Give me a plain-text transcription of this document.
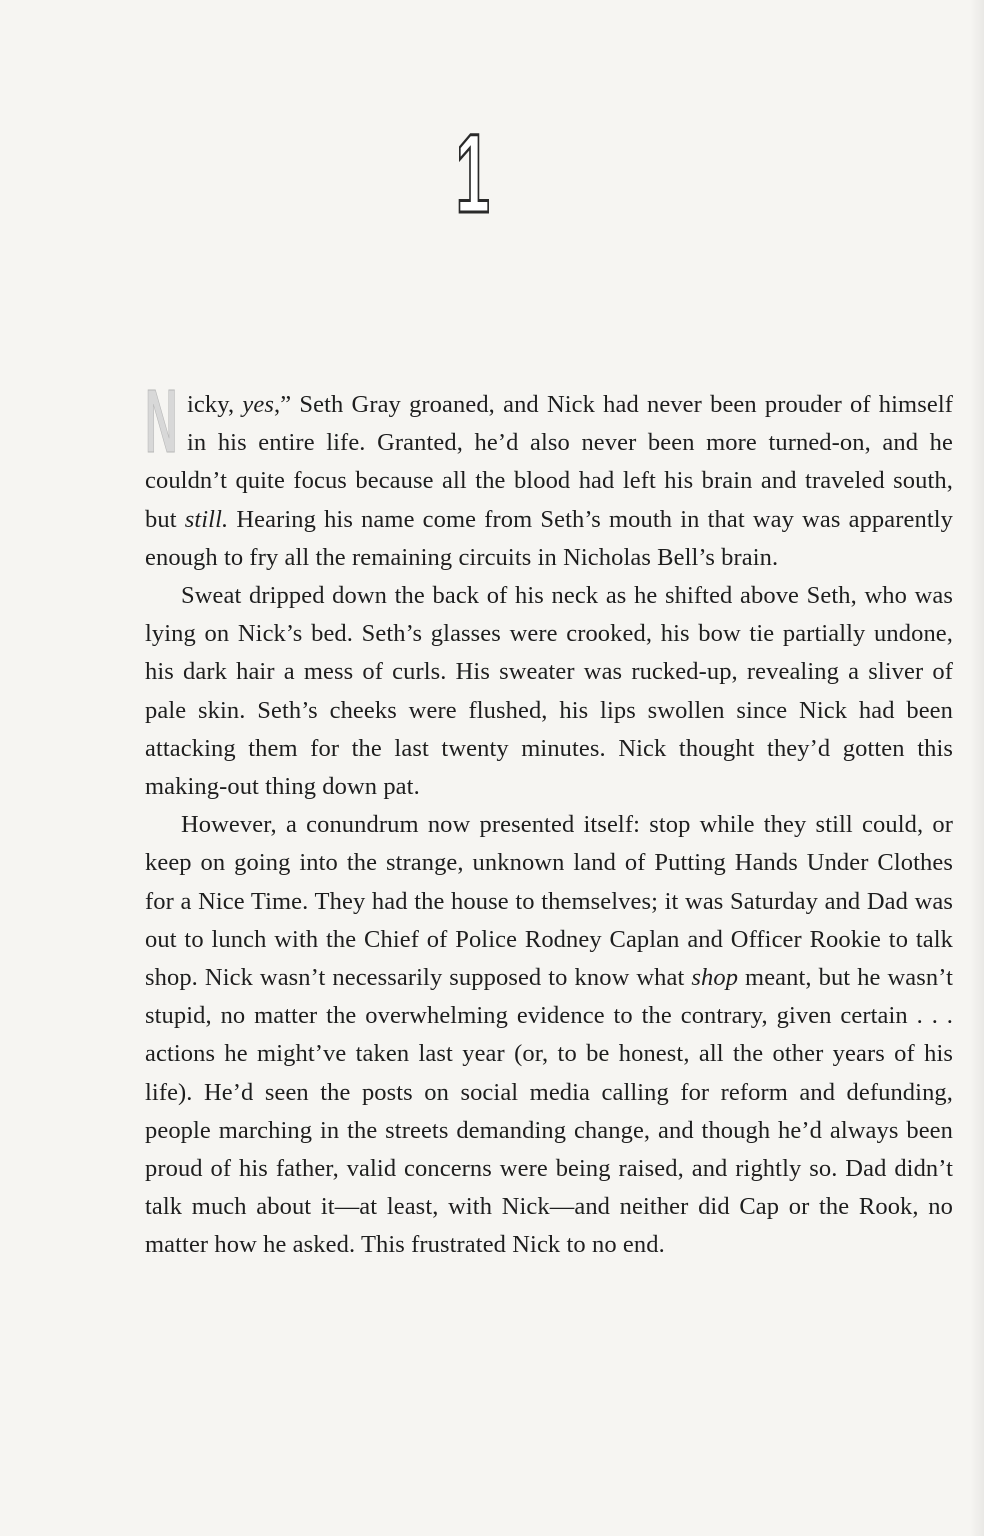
1

Nicky, yes,” Seth Gray groaned, and Nick had never been prouder of himself in his entire life. Granted, he’d also never been more turned-on, and he couldn’t quite focus because all the blood had left his brain and traveled south, but still. Hearing his name come from Seth’s mouth in that way was apparently enough to fry all the remaining circuits in Nicholas Bell’s brain.

Sweat dripped down the back of his neck as he shifted above Seth, who was lying on Nick’s bed. Seth’s glasses were crooked, his bow tie partially undone, his dark hair a mess of curls. His sweater was rucked-up, revealing a sliver of pale skin. Seth’s cheeks were flushed, his lips swollen since Nick had been attacking them for the last twenty minutes. Nick thought they’d gotten this making-out thing down pat.

However, a conundrum now presented itself: stop while they still could, or keep on going into the strange, unknown land of Putting Hands Under Clothes for a Nice Time. They had the house to themselves; it was Saturday and Dad was out to lunch with the Chief of Police Rodney Caplan and Officer Rookie to talk shop. Nick wasn’t necessarily supposed to know what shop meant, but he wasn’t stupid, no matter the overwhelming evidence to the contrary, given certain . . . actions he might’ve taken last year (or, to be honest, all the other years of his life). He’d seen the posts on social media calling for reform and defunding, people marching in the streets demanding change, and though he’d always been proud of his father, valid concerns were being raised, and rightly so. Dad didn’t talk much about it—at least, with Nick—and neither did Cap or the Rook, no matter how he asked. This frustrated Nick to no end.
